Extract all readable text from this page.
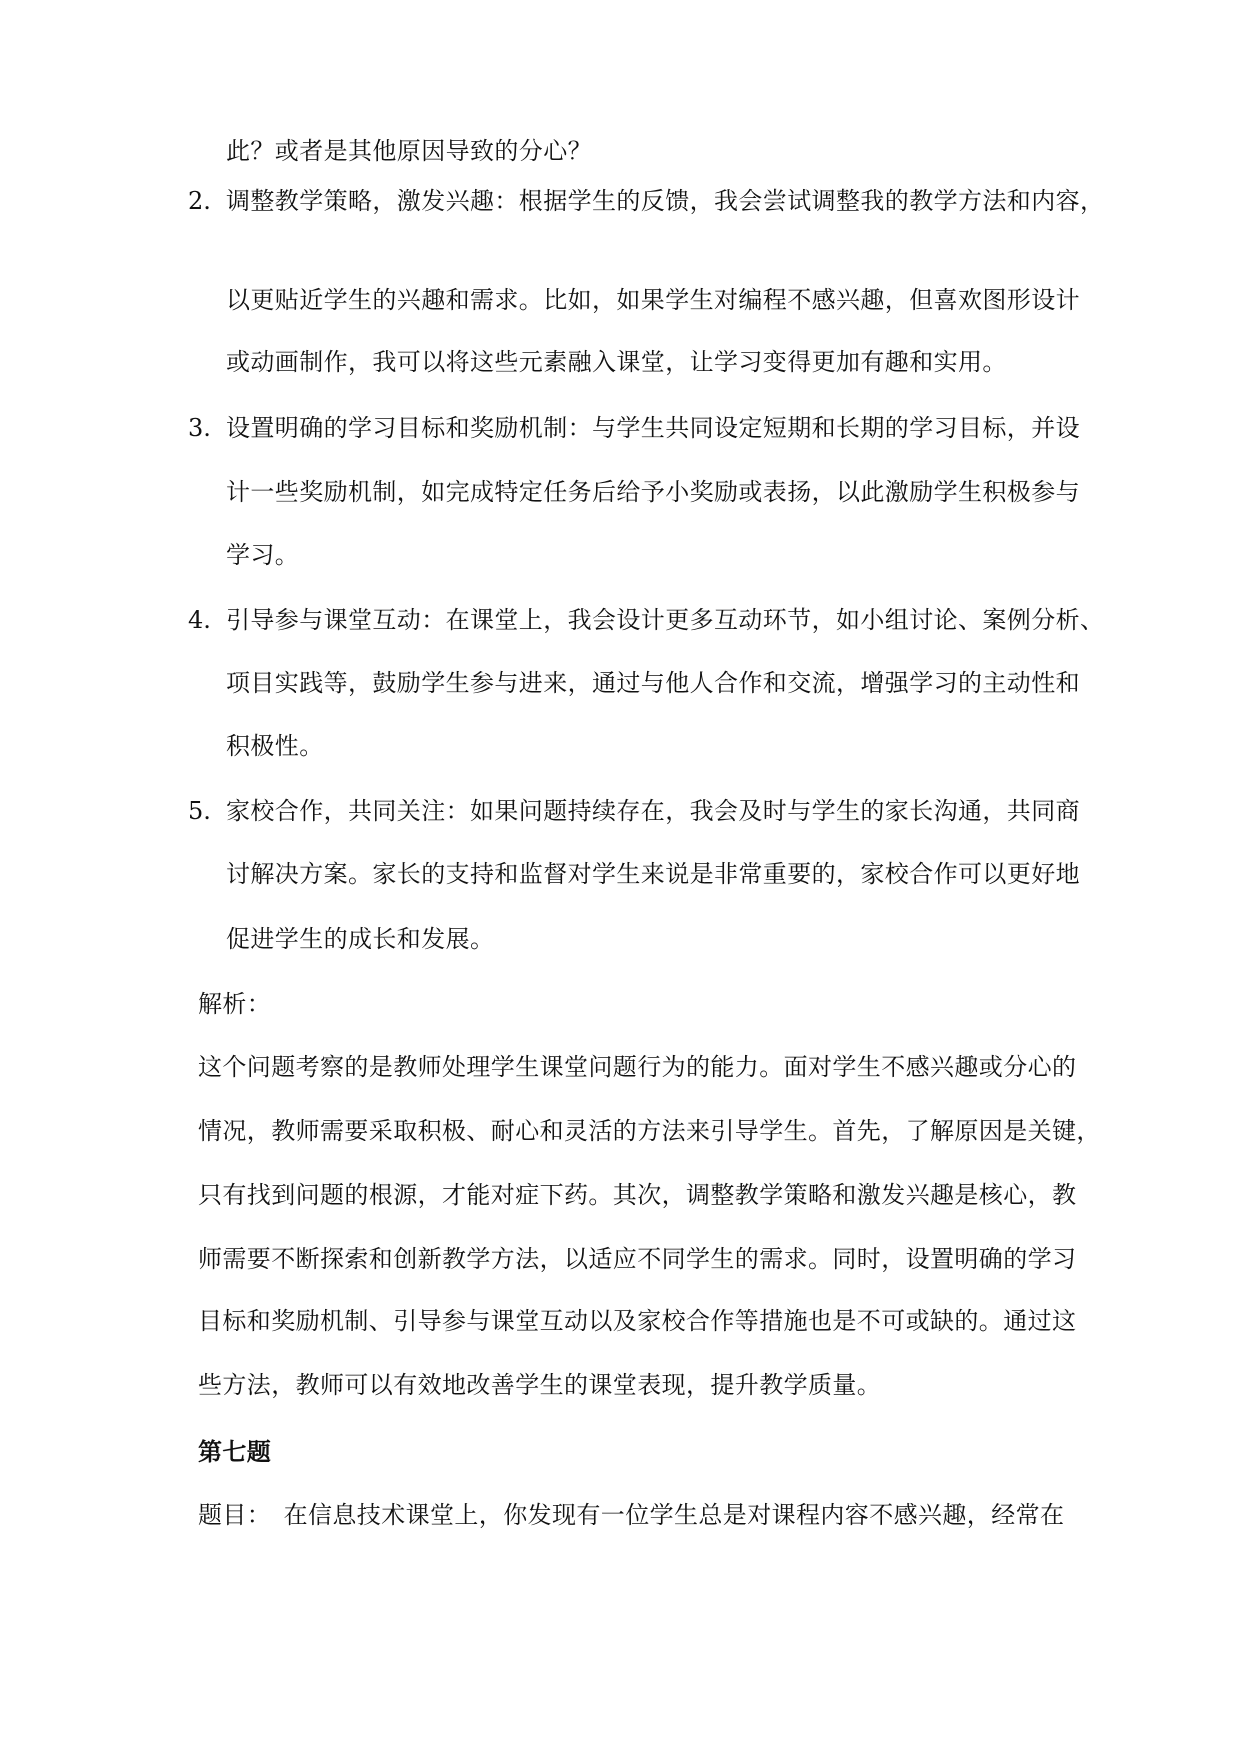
此？或者是其他原因导致的分心？
2. 调整教学策略，激发兴趣：根据学生的反馈，我会尝试调整我的教学方法和内容，
以更贴近学生的兴趣和需求。比如，如果学生对编程不感兴趣，但喜欢图形设计
或动画制作，我可以将这些元素融入课堂，让学习变得更加有趣和实用。
3. 设置明确的学习目标和奖励机制：与学生共同设定短期和长期的学习目标，并设
计一些奖励机制，如完成特定任务后给予小奖励或表扬，以此激励学生积极参与
学习。
4. 引导参与课堂互动：在课堂上，我会设计更多互动环节，如小组讨论、案例分析、
项目实践等，鼓励学生参与进来，通过与他人合作和交流，增强学习的主动性和
积极性。
5. 家校合作，共同关注：如果问题持续存在，我会及时与学生的家长沟通，共同商
讨解决方案。家长的支持和监督对学生来说是非常重要的，家校合作可以更好地
促进学生的成长和发展。
解析：
这个问题考察的是教师处理学生课堂问题行为的能力。面对学生不感兴趣或分心的
情况，教师需要采取积极、耐心和灵活的方法来引导学生。首先，了解原因是关键，
只有找到问题的根源，才能对症下药。其次，调整教学策略和激发兴趣是核心，教
师需要不断探索和创新教学方法，以适应不同学生的需求。同时，设置明确的学习
目标和奖励机制、引导参与课堂互动以及家校合作等措施也是不可或缺的。通过这
些方法，教师可以有效地改善学生的课堂表现，提升教学质量。
第七题
题目：　在信息技术课堂上，你发现有一位学生总是对课程内容不感兴趣，经常在
